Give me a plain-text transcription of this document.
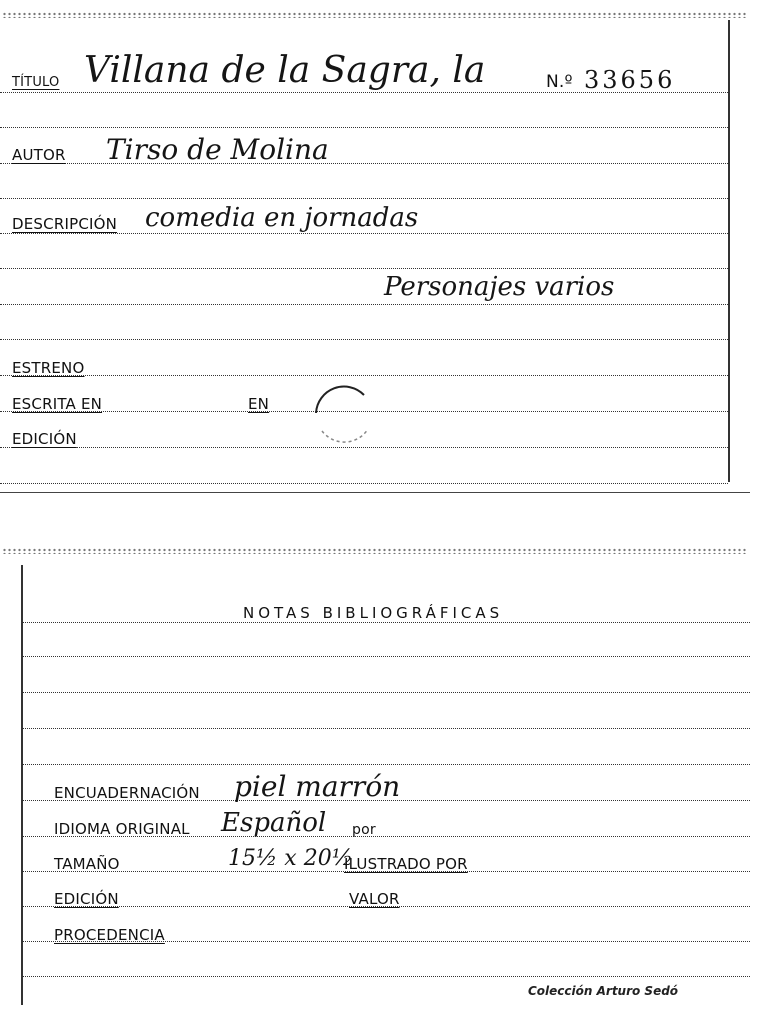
TÍTULO Villana de la Sagra, la	N.º 33656
AUTOR Tirso de Molina
DESCRIPCIÓN comedia en jornadas
Personajes varios
ESTRENO
ESCRITA EN	EN
EDICIÓN
NOTAS BIBLIOGRÁFICAS
ENCUADERNACIÓN piel marrón
IDIOMA ORIGINAL Español por
TAMAÑO	15½ x 20½
ILUSTRADO POR
EDICIÓN	VALOR
PROCEDENCIA
Colección Arturo Sedó
